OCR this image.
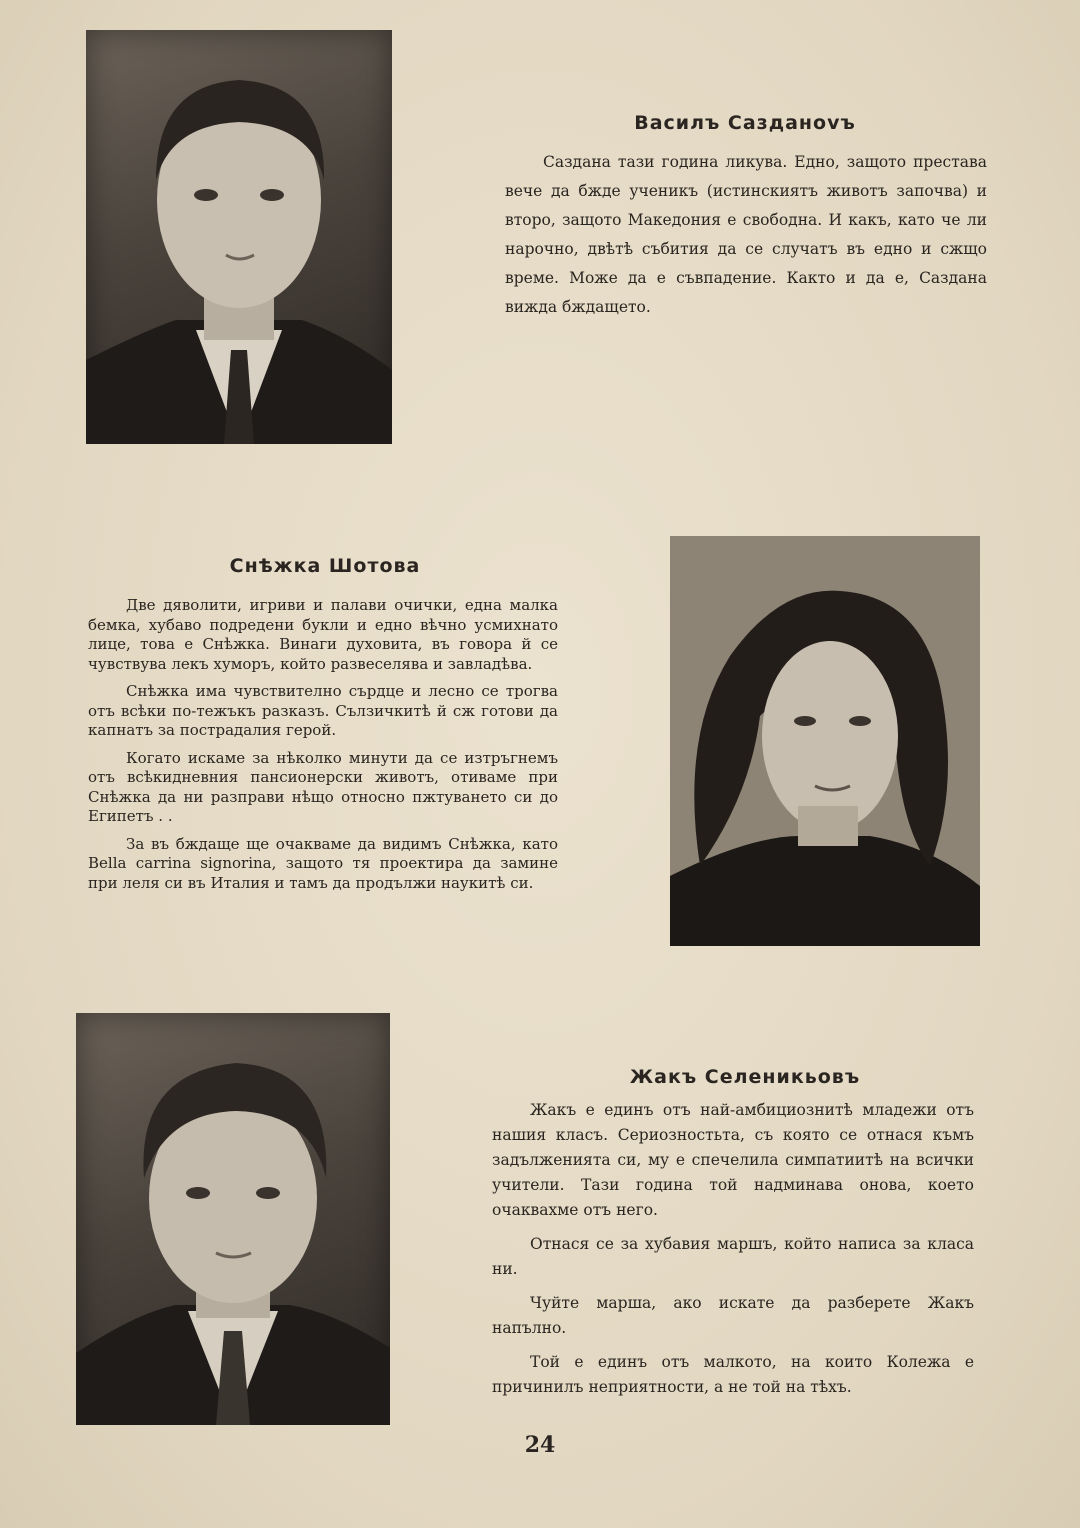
Василъ Сазданovъ

Саздана тази година ликува. Едно, защото престава вече да бжде ученикъ (истинскиятъ животъ започва) и второ, защото Македония е свободна. И какъ, като че ли нарочно, двѣтѣ събития да се случатъ въ едно и сжщо време. Може да е съвпадение. Както и да е, Саздана вижда бждащето.

Снѣжка Шотова

Две дяволити, игриви и палави очички, една малка бемка, хубаво подредени букли и едно вѣчно усмихнато лице, това е Снѣжка. Винаги духовита, въ говора й се чувствува лекъ хуморъ, който развеселява и завладѣва.

Снѣжка има чувствително сърдце и лесно се трогва отъ всѣки по-тежъкъ разказъ. Сълзичкитѣ й сж готови да капнатъ за пострадалия герой.

Когато искаме за нѣколко минути да се изтръгнемъ отъ всѣкидневния пансионерски животъ, отиваме при Снѣжка да ни разправи нѣщо относно пжтуването си до Египетъ . .

За въ бждаще ще очакваме да видимъ Снѣжка, като Bella carrina signorina, защото тя проектира да замине при леля си въ Италия и тамъ да продължи наукитѣ си.

Жакъ Селеникьовъ

Жакъ е единъ отъ най-амбициознитѣ младежи отъ нашия класъ. Сериозностьта, съ която се отнася къмъ задълженията си, му е спечелила симпатиитѣ на всички учители. Тази година той надминава онова, което очаквахме отъ него.

Отнася се за хубавия маршъ, който написа за класа ни.

Чуйте марша, ако искате да разберете Жакъ напълно.

Той е единъ отъ малкото, на които Колежа е причинилъ неприятности, а не той на тѣхъ.

24
